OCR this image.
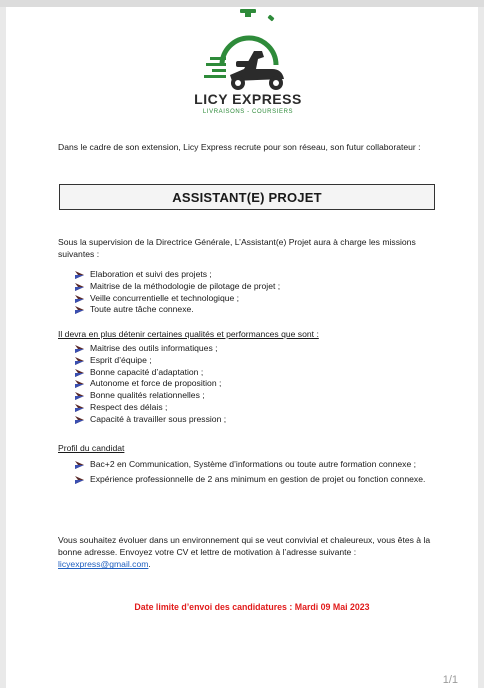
LICY EXPRESS
LIVRAISONS - COURSIERS
Dans le cadre de son extension, Licy Express recrute pour son réseau, son futur collaborateur :
ASSISTANT(E) PROJET
Sous la supervision de la Directrice Générale, L’Assistant(e) Projet aura à charge les missions suivantes :
Elaboration et suivi des projets ;
Maitrise de la méthodologie de pilotage de projet ;
Veille concurrentielle et technologique ;
Toute autre tâche connexe.
Il devra en plus détenir certaines qualités et performances que sont :
Maitrise des outils informatiques ;
Esprit d’équipe ;
Bonne capacité d’adaptation ;
Autonome et force de proposition ;
Bonne qualités relationnelles ;
Respect des délais ;
Capacité à travailler sous pression ;
Profil du candidat
Bac+2 en Communication, Système d’informations ou toute autre formation connexe ;
Expérience professionnelle de 2 ans minimum en gestion de projet ou fonction connexe.
Vous souhaitez évoluer dans un environnement qui se veut convivial et chaleureux, vous êtes à la bonne adresse. Envoyez votre CV et lettre de motivation à l’adresse suivante : licyexpress@gmail.com.
Date limite d’envoi des candidatures : Mardi 09 Mai 2023
1/1
